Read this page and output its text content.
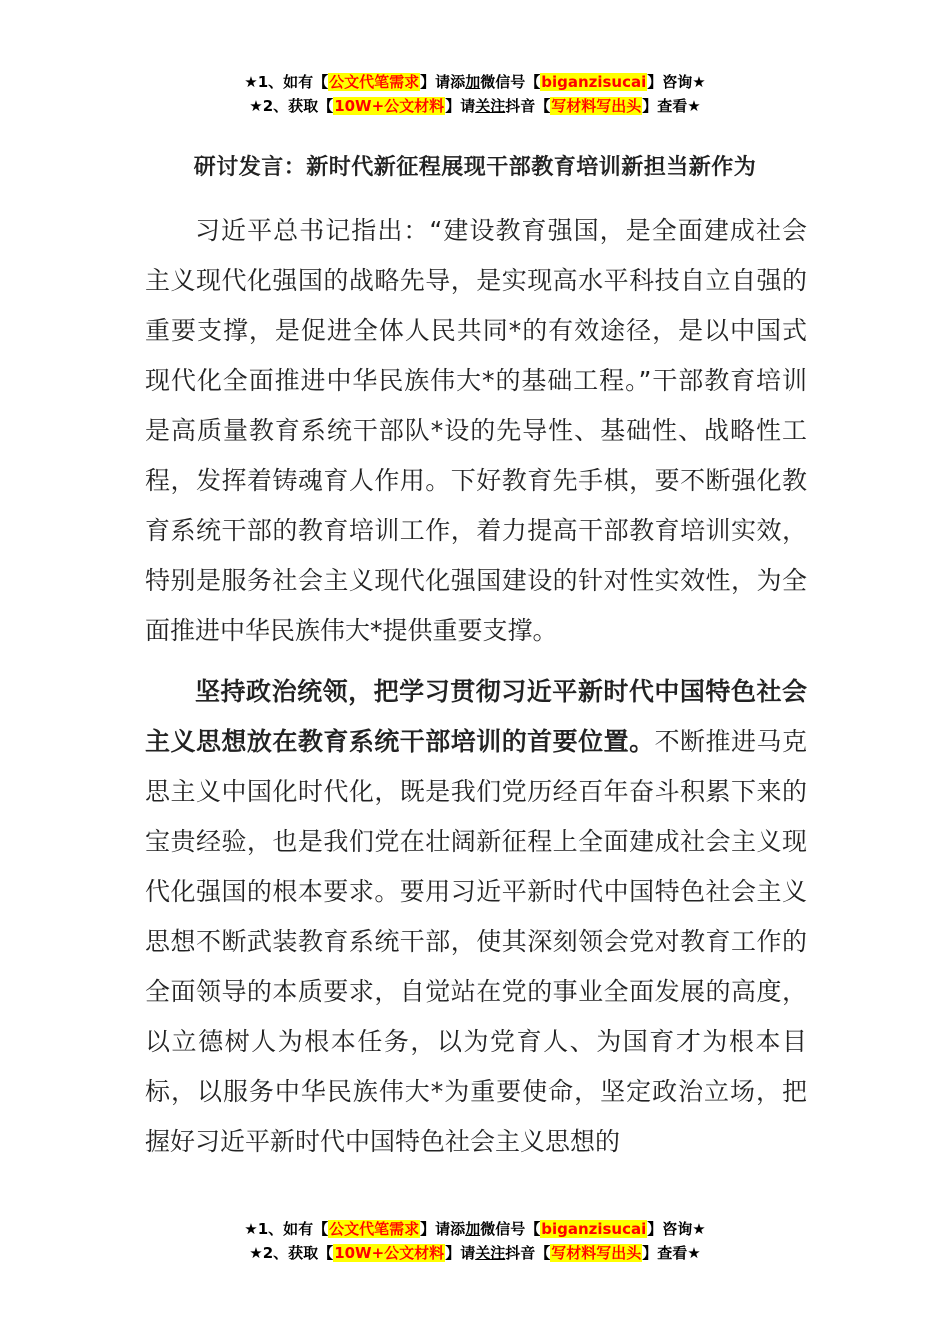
★1、如有【公文代笔需求】请添加微信号【biganzisucai】咨询★
★2、获取【10W+公文材料】请关注抖音【写材料写出头】查看★
研讨发言：新时代新征程展现干部教育培训新担当新作为

习近平总书记指出：“建设教育强国，是全面建成社会主义现代化强国的战略先导，是实现高水平科技自立自强的重要支撑，是促进全体人民共同*的有效途径，是以中国式现代化全面推进中华民族伟大*的基础工程。”干部教育培训是高质量教育系统干部队*设的先导性、基础性、战略性工程，发挥着铸魂育人作用。下好教育先手棋，要不断强化教育系统干部的教育培训工作，着力提高干部教育培训实效，特别是服务社会主义现代化强国建设的针对性实效性，为全面推进中华民族伟大*提供重要支撑。

坚持政治统领，把学习贯彻习近平新时代中国特色社会主义思想放在教育系统干部培训的首要位置。不断推进马克思主义中国化时代化，既是我们党历经百年奋斗积累下来的宝贵经验，也是我们党在壮阔新征程上全面建成社会主义现代化强国的根本要求。要用习近平新时代中国特色社会主义思想不断武装教育系统干部，使其深刻领会党对教育工作的全面领导的本质要求，自觉站在党的事业全面发展的高度，以立德树人为根本任务，以为党育人、为国育才为根本目标，以服务中华民族伟大*为重要使命，坚定政治立场，把握好习近平新时代中国特色社会主义思想的

★1、如有【公文代笔需求】请添加微信号【biganzisucai】咨询★
★2、获取【10W+公文材料】请关注抖音【写材料写出头】查看★
